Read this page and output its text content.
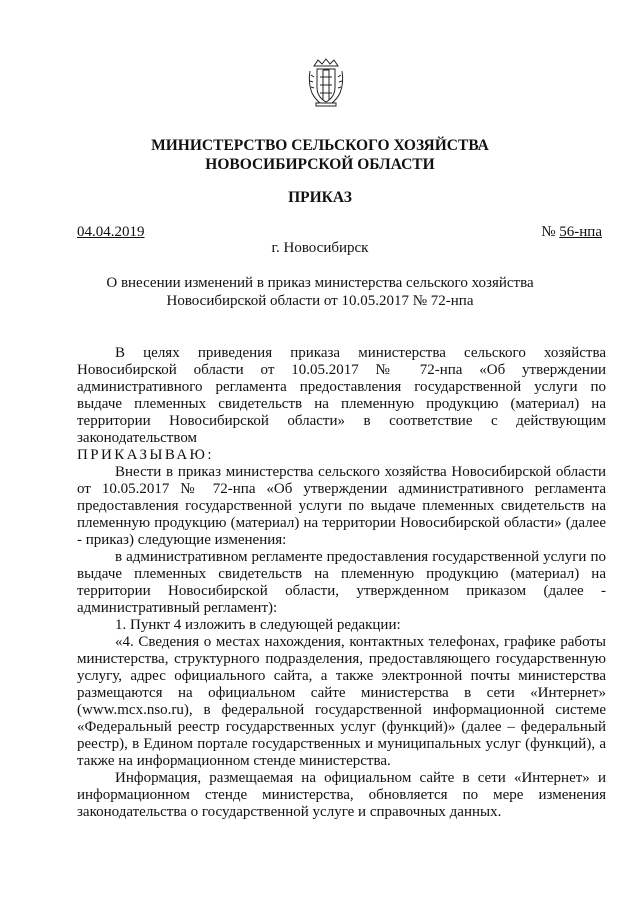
МИНИСТЕРСТВО СЕЛЬСКОГО ХОЗЯЙСТВА
НОВОСИБИРСКОЙ ОБЛАСТИ
ПРИКАЗ
04.04.2019	№ 56-нпа
г. Новосибирск
О внесении изменений в приказ министерства сельского хозяйства
Новосибирской области от 10.05.2017 № 72-нпа

В целях приведения приказа министерства сельского хозяйства Новосибирской области от 10.05.2017 № 72-нпа «Об утверждении административного регламента предоставления государственной услуги по выдаче племенных свидетельств на племенную продукцию (материал) на территории Новосибирской области» в соответствие с действующим законодательством

ПРИКАЗЫВАЮ:

Внести в приказ министерства сельского хозяйства Новосибирской области от 10.05.2017 № 72-нпа «Об утверждении административного регламента предоставления государственной услуги по выдаче племенных свидетельств на племенную продукцию (материал) на территории Новосибирской области» (далее - приказ) следующие изменения:

в административном регламенте предоставления государственной услуги по выдаче племенных свидетельств на племенную продукцию (материал) на территории Новосибирской области, утвержденном приказом (далее - административный регламент):

1. Пункт 4 изложить в следующей редакции:

«4. Сведения о местах нахождения, контактных телефонах, графике работы министерства, структурного подразделения, предоставляющего государственную услугу, адрес официального сайта, а также электронной почты министерства размещаются на официальном сайте министерства в сети «Интернет» (www.mcx.nso.ru), в федеральной государственной информационной системе «Федеральный реестр государственных услуг (функций)» (далее – федеральный реестр), в Едином портале государственных и муниципальных услуг (функций), а также на информационном стенде министерства.

Информация, размещаемая на официальном сайте в сети «Интернет» и информационном стенде министерства, обновляется по мере изменения законодательства о государственной услуге и справочных данных.
